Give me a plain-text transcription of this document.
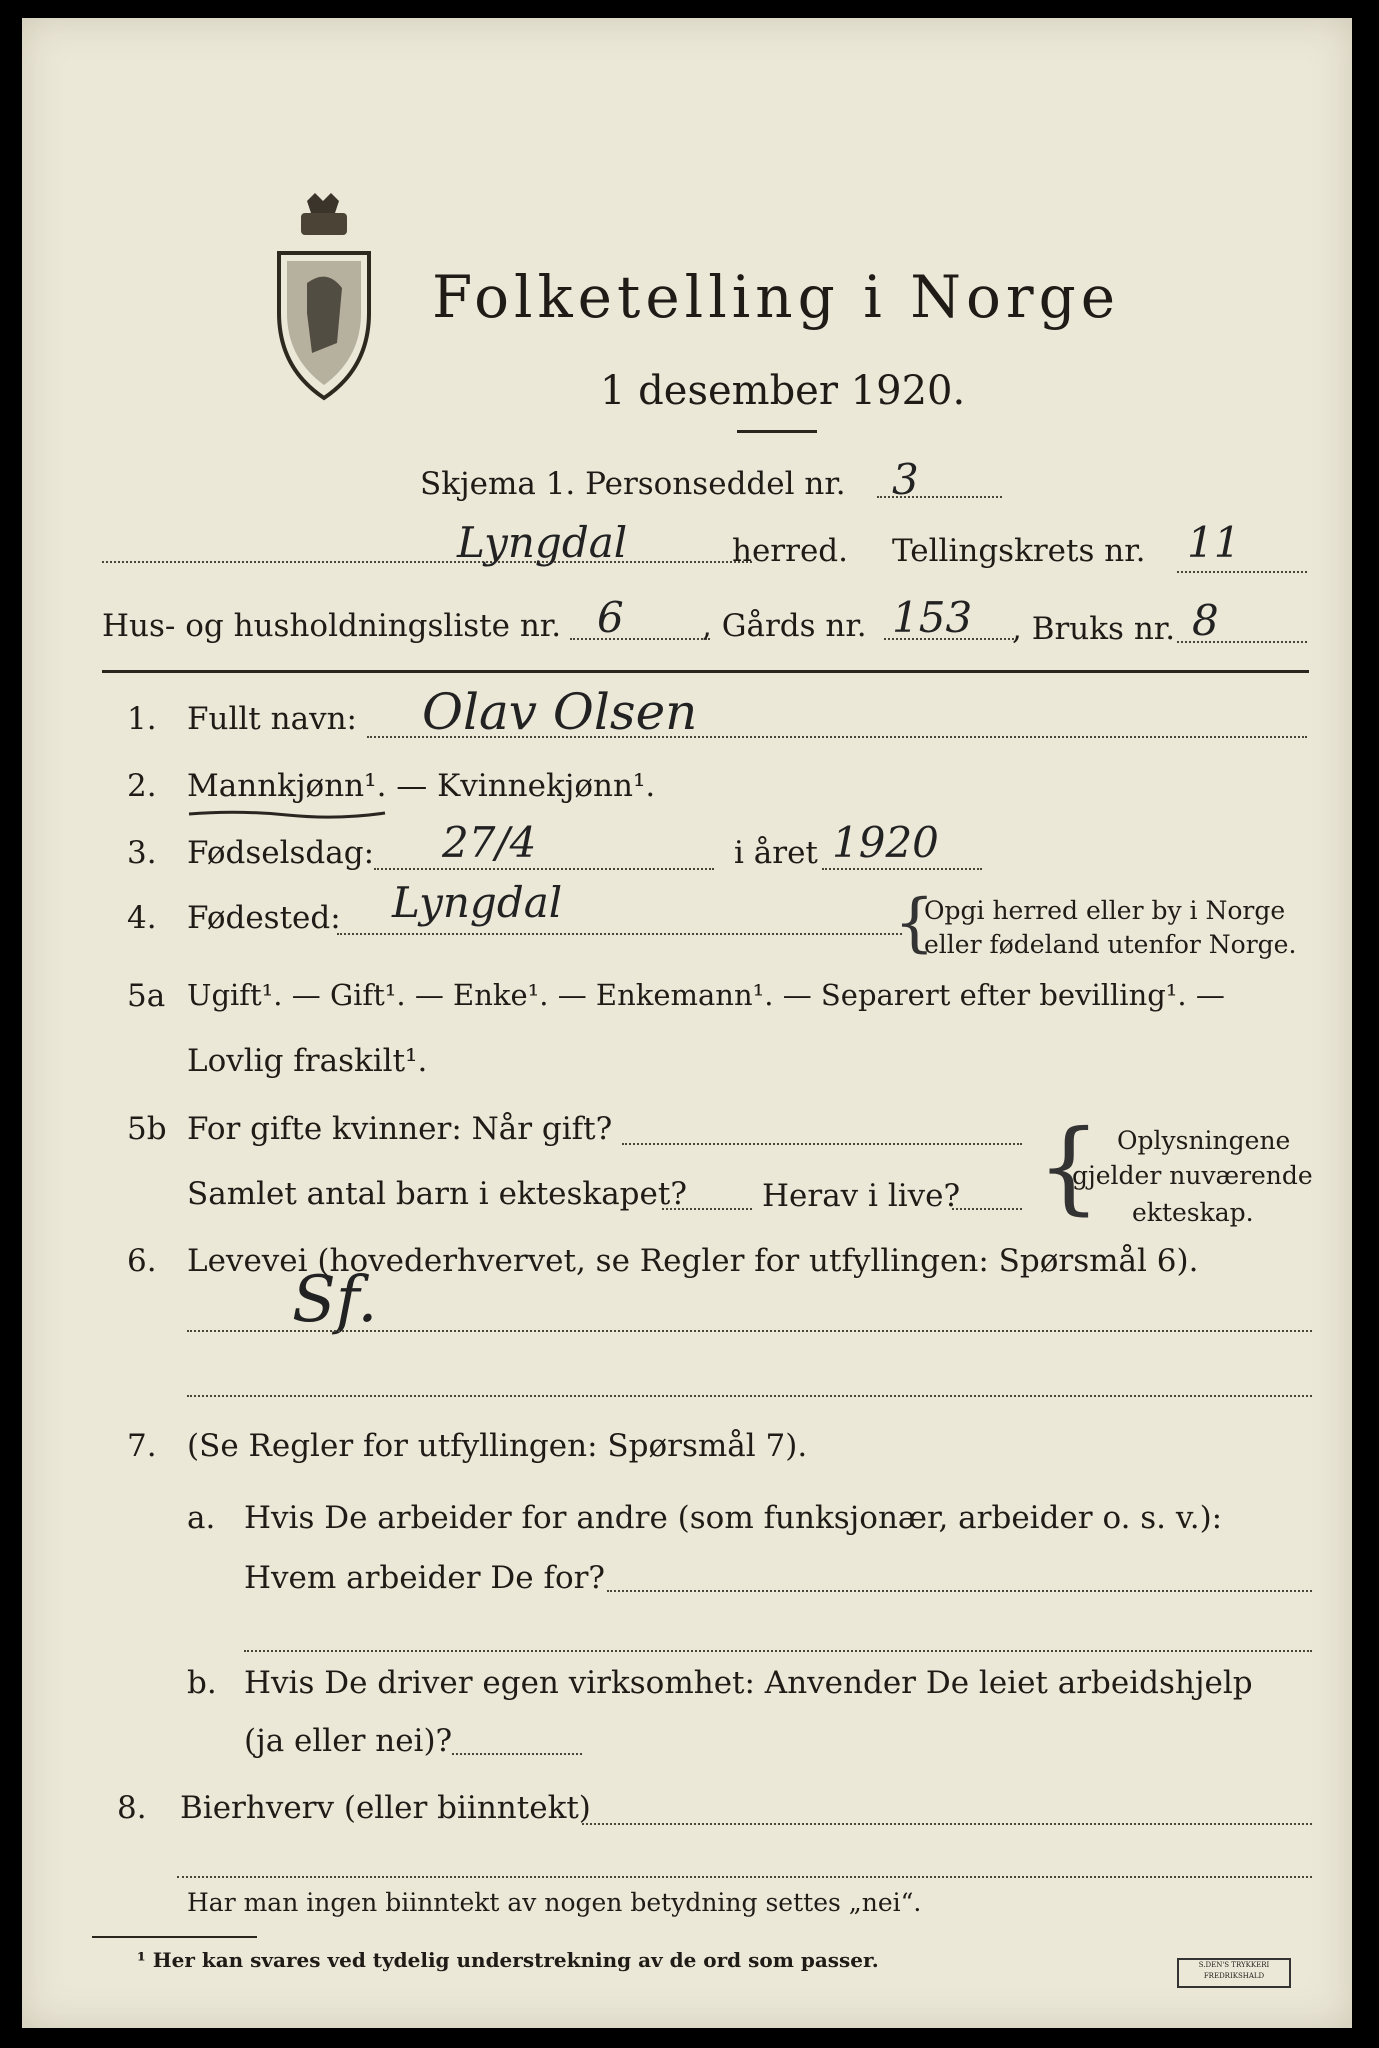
Folketelling i Norge
1 desember 1920.
Skjema 1. Personseddel nr. 3
Lyngdal	herred. Tellingskrets nr. 11
Hus- og husholdningsliste nr. 6	, Gårds nr. 153 , Bruks nr. 8
1. Fullt navn: Olav Olsen
2. Mannkjønn¹. — Kvinnekjønn¹.
3. Fødselsdag: 27/4	i året 1920
4. Fødested: Lyngdal	{
Opgi herred eller by i Norge
eller fødeland utenfor Norge.
5a Ugift¹. — Gift¹. — Enke¹. — Enkemann¹. — Separert efter bevilling¹. —
Lovlig fraskilt¹.
5b For gifte kvinner: Når gift?
Samlet antal barn i ekteskapet? Herav i live? { Oplysningene
gjelder nuværende
ekteskap.
6. Levevei (hovederhvervet, se Regler for utfyllingen: Spørsmål 6).
Sf.
7. (Se Regler for utfyllingen: Spørsmål 7).
a. Hvis De arbeider for andre (som funksjonær, arbeider o. s. v.):
Hvem arbeider De for?
b. Hvis De driver egen virksomhet: Anvender De leiet arbeidshjelp
(ja eller nei)?
8. Bierhverv (eller biinntekt)
Har man ingen biinntekt av nogen betydning settes „nei“.
¹ Her kan svares ved tydelig understrekning av de ord som passer.	S.DEN'S TRYKKERI FREDRIKSHALD
